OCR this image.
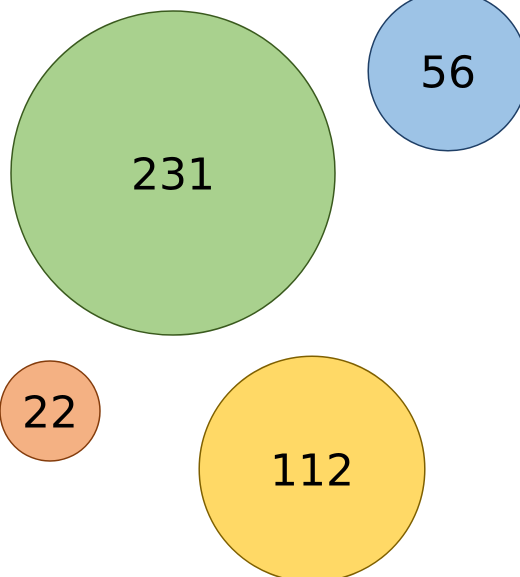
231
56
22
112
